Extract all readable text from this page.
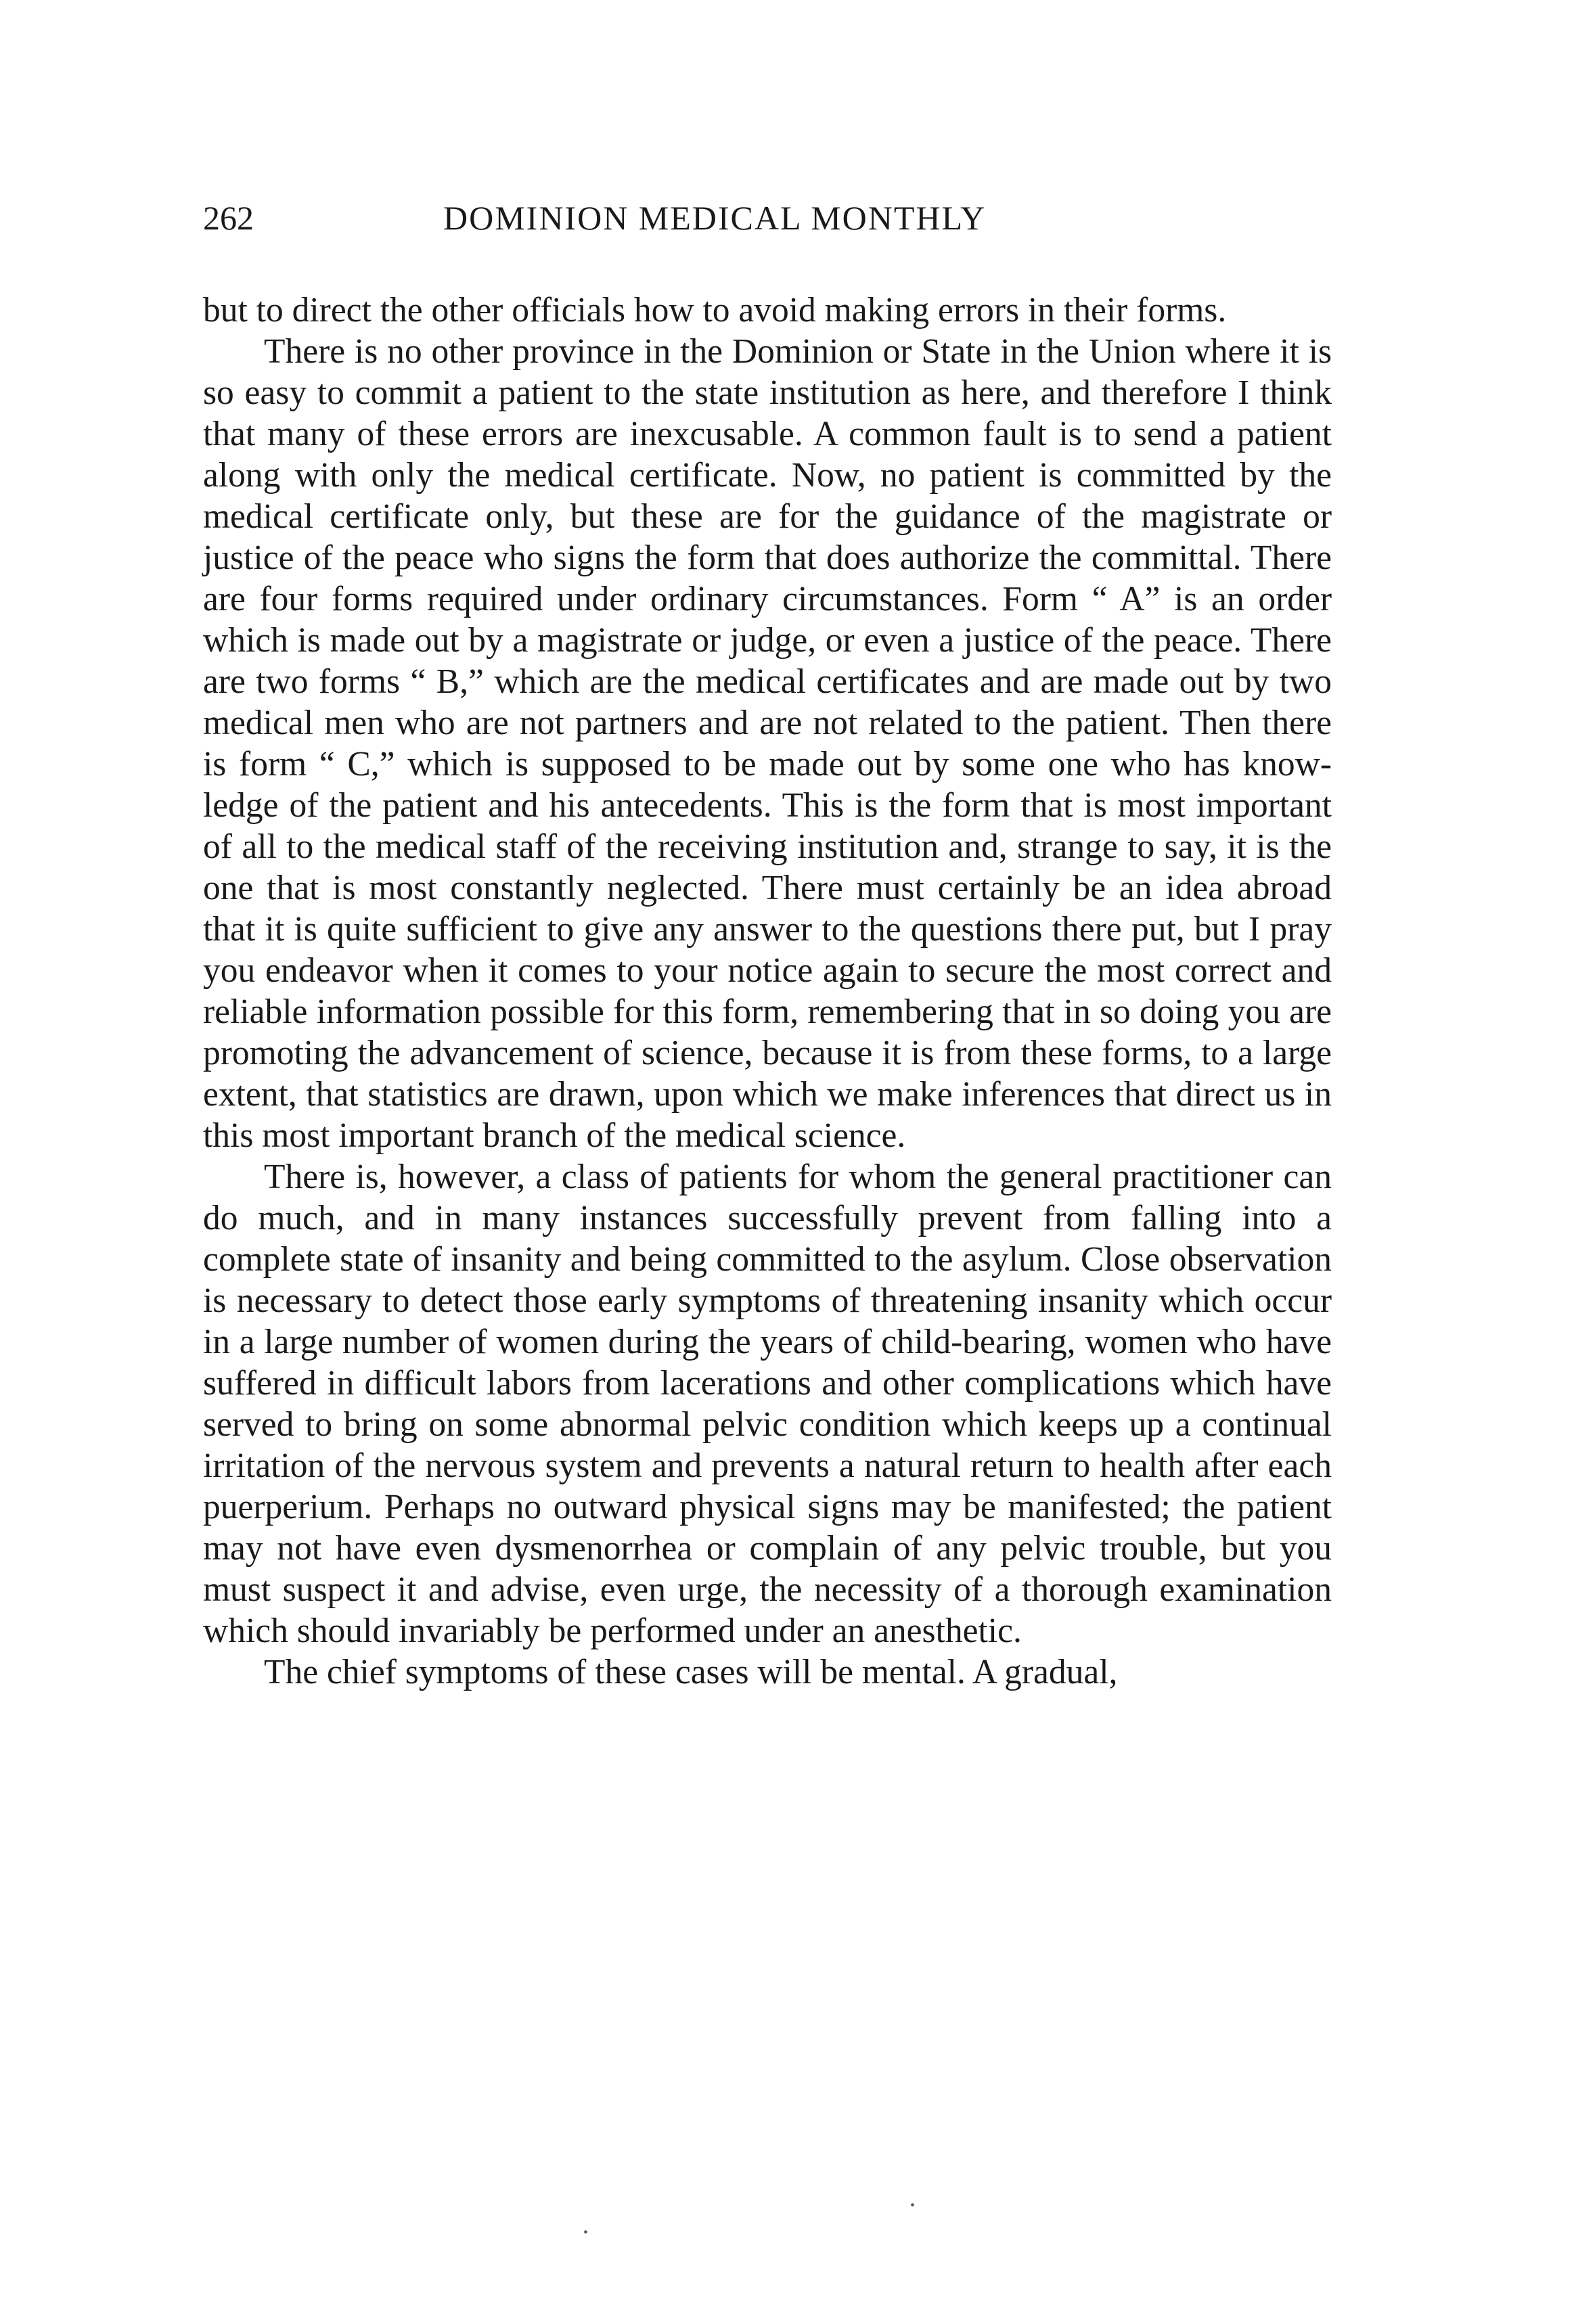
262	DOMINION MEDICAL MONTHLY

but to direct the other officials how to avoid making errors in their forms.

There is no other province in the Dominion or State in the Union where it is so easy to commit a patient to the state institution as here, and therefore I think that many of these errors are inexcusable. A common fault is to send a patient along with only the medical certificate. Now, no patient is committed by the medical certificate only, but these are for the guidance of the magistrate or justice of the peace who signs the form that does authorize the committal. There are four forms required under ordinary circumstances. Form “ A” is an order which is made out by a magistrate or judge, or even a justice of the peace. There are two forms “ B,” which are the medical certificates and are made out by two medical men who are not partners and are not related to the patient. Then there is form “ C,” which is supposed to be made out by some one who has knowledge of the patient and his antecedents. This is the form that is most important of all to the medical staff of the receiving institution and, strange to say, it is the one that is most constantly neglected. There must certainly be an idea abroad that it is quite sufficient to give any answer to the questions there put, but I pray you endeavor when it comes to your notice again to secure the most correct and reliable information possible for this form, remembering that in so doing you are promoting the advancement of science, because it is from these forms, to a large extent, that statistics are drawn, upon which we make inferences that direct us in this most important branch of the medical science.

There is, however, a class of patients for whom the general practitioner can do much, and in many instances successfully prevent from falling into a complete state of insanity and being committed to the asylum. Close observation is necessary to detect those early symptoms of threatening insanity which occur in a large number of women during the years of child-bearing, women who have suffered in difficult labors from lacerations and other complications which have served to bring on some abnormal pelvic condition which keeps up a continual irritation of the nervous system and prevents a natural return to health after each puerperium. Perhaps no outward physical signs may be manifested; the patient may not have even dysmenorrhea or complain of any pelvic trouble, but you must suspect it and advise, even urge, the necessity of a thorough examination which should invariably be performed under an anesthetic.

The chief symptoms of these cases will be mental. A gradual,

•
•
